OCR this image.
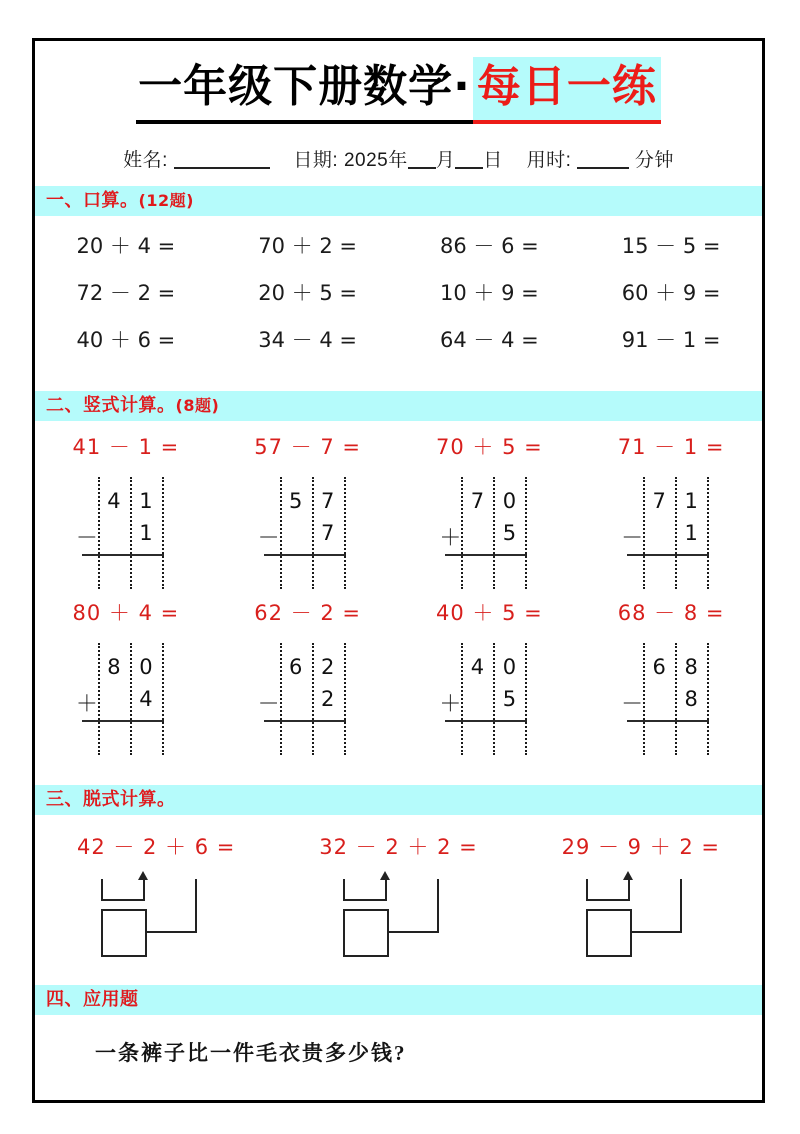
一年级下册数学· 每日一练
姓名:	日期: 2025年 月 日 用时:	分钟
一、口算。(12题)
20 ＋ 4 =	70 ＋ 2 =	86 － 6 =	15 － 5 =
72 － 2 =	20 ＋ 5 =	10 ＋ 9 =	60 ＋ 9 =
40 ＋ 6 =	34 － 4 =	64 － 4 =	91 － 1 =
二、竖式计算。(8题)
41 － 1 =
－
4 1
1
57 － 7 =
－
5 7
7
70 ＋ 5 =
＋
7 0
5
71 － 1 =
－
7 1
1
80 ＋ 4 =
＋
8 0
4
62 － 2 =
－
6 2
2
40 ＋ 5 =
＋
4 0
5
68 － 8 =
－
6 8
8
三、脱式计算。
42 － 2 ＋ 6 =	32 － 2 ＋ 2 =	29 － 9 ＋ 2 =
四、应用题
一条裤子比一件毛衣贵多少钱?
